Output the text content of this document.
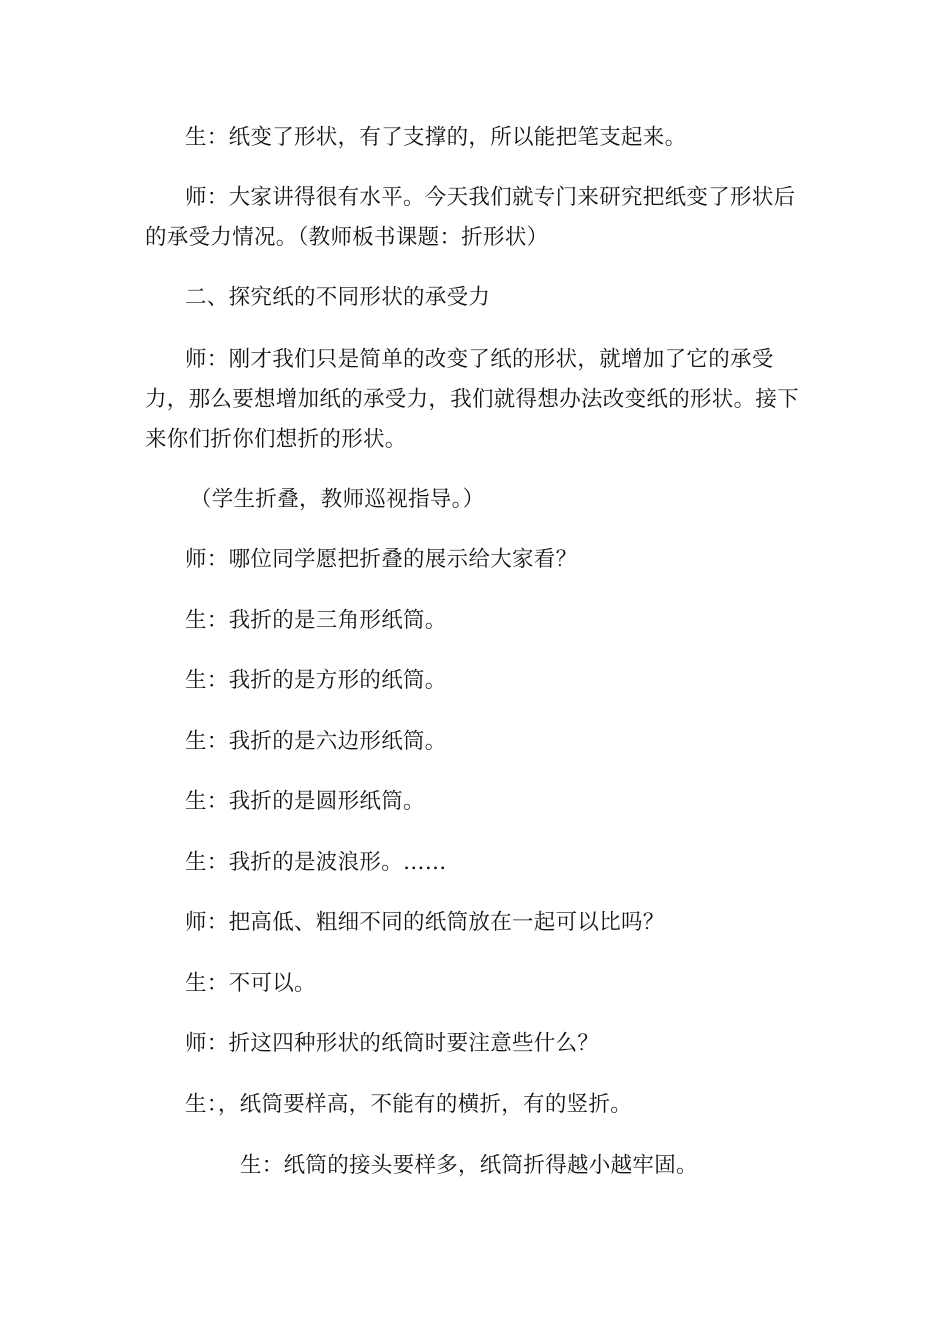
生：纸变了形状，有了支撑的，所以能把笔支起来。

师：大家讲得很有水平。今天我们就专门来研究把纸变了形状后的承受力情况。（教师板书课题：折形状）

二、探究纸的不同形状的承受力

师：刚才我们只是简单的改变了纸的形状，就增加了它的承受力，那么要想增加纸的承受力，我们就得想办法改变纸的形状。接下来你们折你们想折的形状。

（学生折叠，教师巡视指导。）

师：哪位同学愿把折叠的展示给大家看？

生：我折的是三角形纸筒。

生：我折的是方形的纸筒。

生：我折的是六边形纸筒。

生：我折的是圆形纸筒。

生：我折的是波浪形。……

师：把高低、粗细不同的纸筒放在一起可以比吗？

生：不可以。

师：折这四种形状的纸筒时要注意些什么？

生：，纸筒要样高，不能有的横折，有的竖折。

生：纸筒的接头要样多，纸筒折得越小越牢固。
